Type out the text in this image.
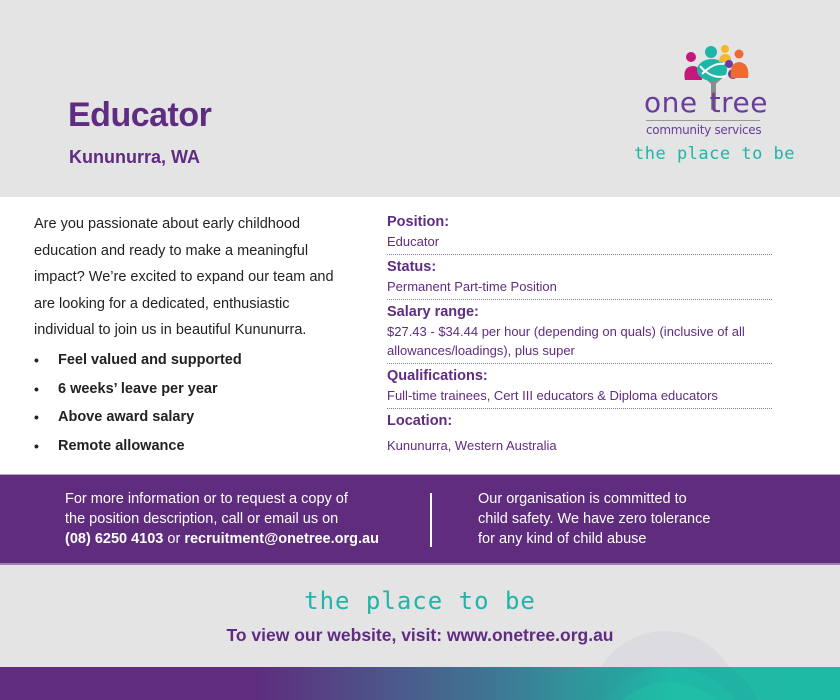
Educator
Kununurra, WA
one tree
community services
the place to be

Are you passionate about early childhood education and ready to make a meaningful impact? We’re excited to expand our team and are looking for a dedicated, enthusiastic individual to join us in beautiful Kununurra.

•	Feel valued and supported
•	6 weeks’ leave per year
•	Above award salary
•	Remote allowance
Position:
Educator
Status:
Permanent Part-time Position
Salary range:
$27.43 - $34.44 per hour (depending on quals) (inclusive of all allowances/loadings), plus super
Qualifications:
Full-time trainees, Cert III educators & Diploma educators
Location:
Kununurra, Western Australia
For more information or to request a copy of
the position description, call or email us on
(08) 6250 4103 or recruitment@onetree.org.au
Our organisation is committed to
child safety. We have zero tolerance
for any kind of child abuse
the place to be
To view our website, visit: www.onetree.org.au
